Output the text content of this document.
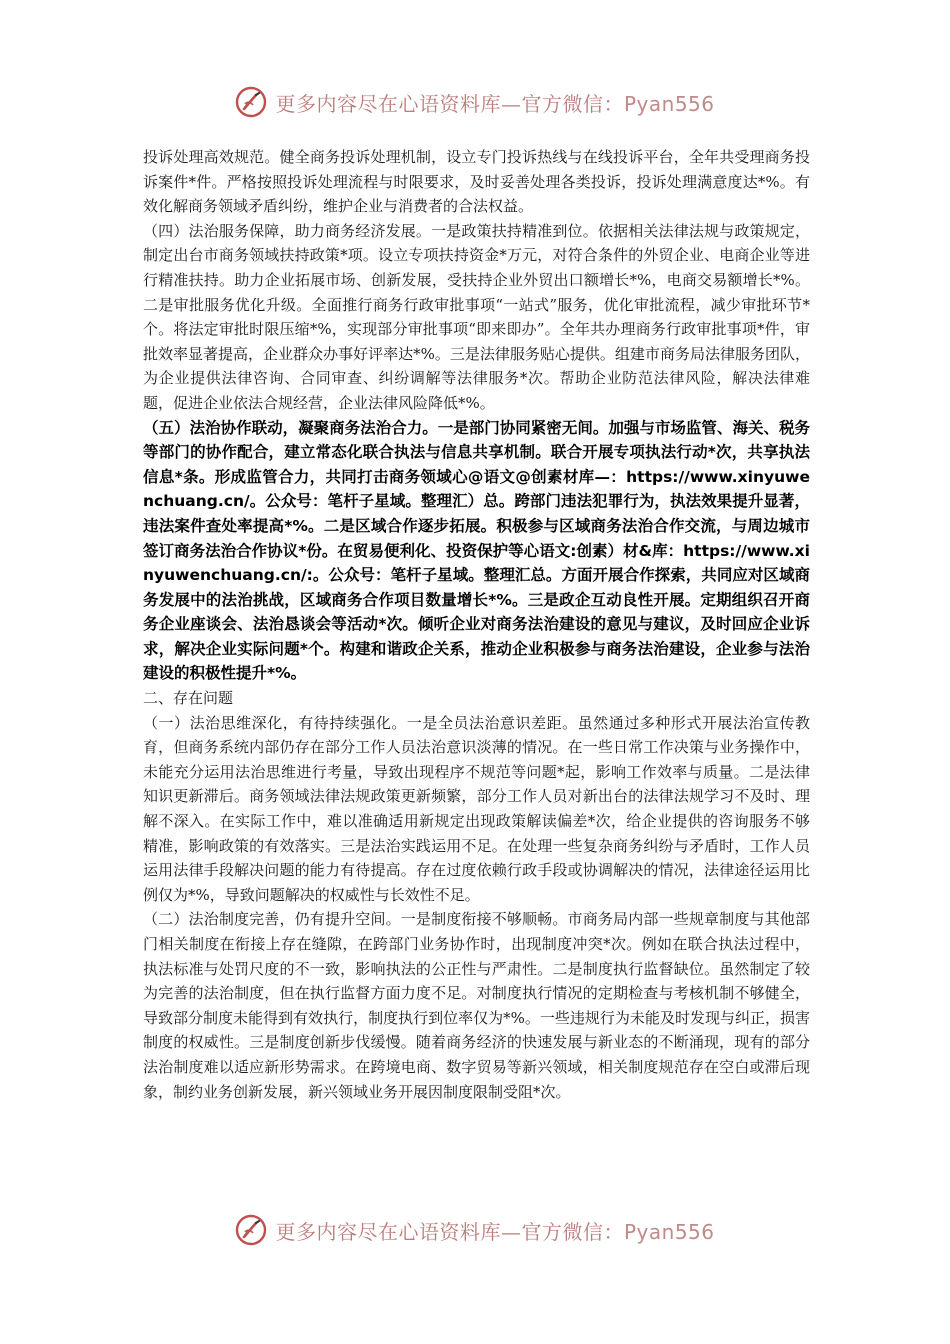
更多内容尽在心语资料库—官方微信：Pyan556

投诉处理高效规范。健全商务投诉处理机制，设立专门投诉热线与在线投诉平台，全年共受理商务投诉案件*件。严格按照投诉处理流程与时限要求，及时妥善处理各类投诉，投诉处理满意度达*%。有效化解商务领域矛盾纠纷，维护企业与消费者的合法权益。

（四）法治服务保障，助力商务经济发展。一是政策扶持精准到位。依据相关法律法规与政策规定，制定出台市商务领域扶持政策*项。设立专项扶持资金*万元，对符合条件的外贸企业、电商企业等进行精准扶持。助力企业拓展市场、创新发展，受扶持企业外贸出口额增长*%，电商交易额增长*%。二是审批服务优化升级。全面推行商务行政审批事项“一站式”服务，优化审批流程，减少审批环节*个。将法定审批时限压缩*%，实现部分审批事项“即来即办”。全年共办理商务行政审批事项*件，审批效率显著提高，企业群众办事好评率达*%。三是法律服务贴心提供。组建市商务局法律服务团队，为企业提供法律咨询、合同审查、纠纷调解等法律服务*次。帮助企业防范法律风险，解决法律难题，促进企业依法合规经营，企业法律风险降低*%。

（五）法治协作联动，凝聚商务法治合力。一是部门协同紧密无间。加强与市场监管、海关、税务等部门的协作配合，建立常态化联合执法与信息共享机制。联合开展专项执法行动*次，共享执法信息*条。形成监管合力，共同打击商务领域心@语文@创素材库—：https://www.xinyuwenchuang.cn/。公众号：笔杆子星域。整理汇）总。跨部门违法犯罪行为，执法效果提升显著，违法案件查处率提高*%。二是区域合作逐步拓展。积极参与区域商务法治合作交流，与周边城市签订商务法治合作协议*份。在贸易便利化、投资保护等心语文:创素）材&库：https://www.xinyuwenchuang.cn/:。公众号：笔杆子星域。整理汇总。方面开展合作探索，共同应对区域商务发展中的法治挑战，区域商务合作项目数量增长*%。三是政企互动良性开展。定期组织召开商务企业座谈会、法治恳谈会等活动*次。倾听企业对商务法治建设的意见与建议，及时回应企业诉求，解决企业实际问题*个。构建和谐政企关系，推动企业积极参与商务法治建设，企业参与法治建设的积极性提升*%。

二、存在问题

（一）法治思维深化，有待持续强化。一是全员法治意识差距。虽然通过多种形式开展法治宣传教育，但商务系统内部仍存在部分工作人员法治意识淡薄的情况。在一些日常工作决策与业务操作中，未能充分运用法治思维进行考量，导致出现程序不规范等问题*起，影响工作效率与质量。二是法律知识更新滞后。商务领域法律法规政策更新频繁，部分工作人员对新出台的法律法规学习不及时、理解不深入。在实际工作中，难以准确适用新规定出现政策解读偏差*次，给企业提供的咨询服务不够精准，影响政策的有效落实。三是法治实践运用不足。在处理一些复杂商务纠纷与矛盾时，工作人员运用法律手段解决问题的能力有待提高。存在过度依赖行政手段或协调解决的情况，法律途径运用比例仅为*%，导致问题解决的权威性与长效性不足。

（二）法治制度完善，仍有提升空间。一是制度衔接不够顺畅。市商务局内部一些规章制度与其他部门相关制度在衔接上存在缝隙，在跨部门业务协作时，出现制度冲突*次。例如在联合执法过程中，执法标准与处罚尺度的不一致，影响执法的公正性与严肃性。二是制度执行监督缺位。虽然制定了较为完善的法治制度，但在执行监督方面力度不足。对制度执行情况的定期检查与考核机制不够健全，导致部分制度未能得到有效执行，制度执行到位率仅为*%。一些违规行为未能及时发现与纠正，损害制度的权威性。三是制度创新步伐缓慢。随着商务经济的快速发展与新业态的不断涌现，现有的部分法治制度难以适应新形势需求。在跨境电商、数字贸易等新兴领域，相关制度规范存在空白或滞后现象，制约业务创新发展，新兴领域业务开展因制度限制受阻*次。

更多内容尽在心语资料库—官方微信：Pyan556
